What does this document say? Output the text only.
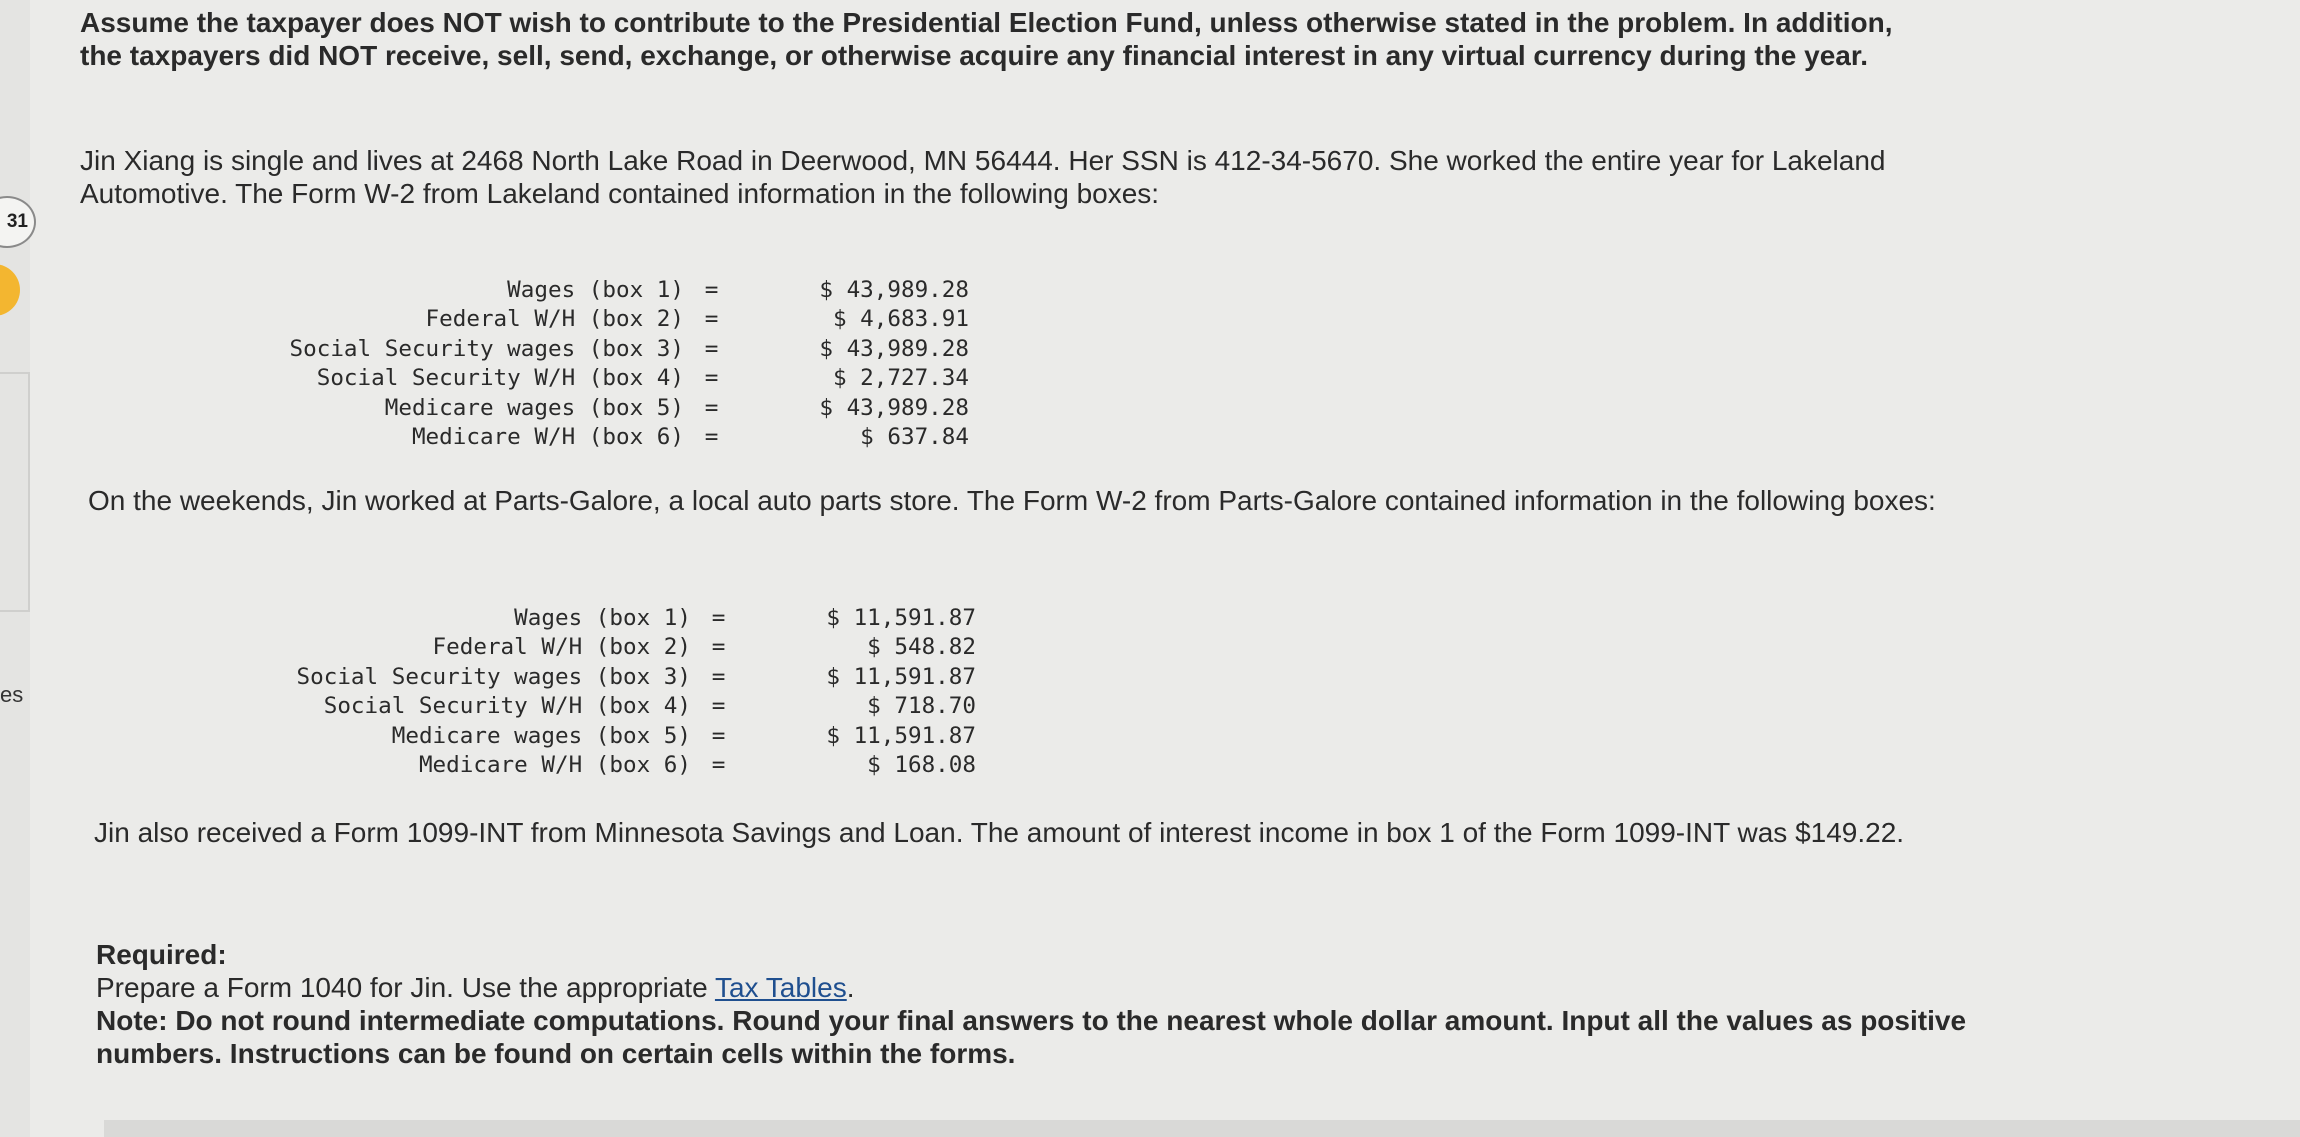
31
es

Assume the taxpayer does NOT wish to contribute to the Presidential Election Fund, unless otherwise stated in the problem. In addition, the taxpayers did NOT receive, sell, send, exchange, or otherwise acquire any financial interest in any virtual currency during the year.

Jin Xiang is single and lives at 2468 North Lake Road in Deerwood, MN 56444. Her SSN is 412-34-5670. She worked the entire year for Lakeland Automotive. The Form W-2 from Lakeland contained information in the following boxes:

Wages (box 1) =	$ 43,989.28
Federal W/H (box 2) =	$ 4,683.91
Social Security wages (box 3) =	$ 43,989.28
Social Security W/H (box 4) =	$ 2,727.34
Medicare wages (box 5) =	$ 43,989.28
Medicare W/H (box 6) =	$ 637.84

On the weekends, Jin worked at Parts-Galore, a local auto parts store. The Form W-2 from Parts-Galore contained information in the following boxes:

Wages (box 1) =	$ 11,591.87
Federal W/H (box 2) =	$ 548.82
Social Security wages (box 3) =	$ 11,591.87
Social Security W/H (box 4) =	$ 718.70
Medicare wages (box 5) =	$ 11,591.87
Medicare W/H (box 6) =	$ 168.08

Jin also received a Form 1099-INT from Minnesota Savings and Loan. The amount of interest income in box 1 of the Form 1099-INT was $149.22.

Required:

Prepare a Form 1040 for Jin. Use the appropriate Tax Tables.

Note: Do not round intermediate computations. Round your final answers to the nearest whole dollar amount. Input all the values as positive numbers. Instructions can be found on certain cells within the forms.
